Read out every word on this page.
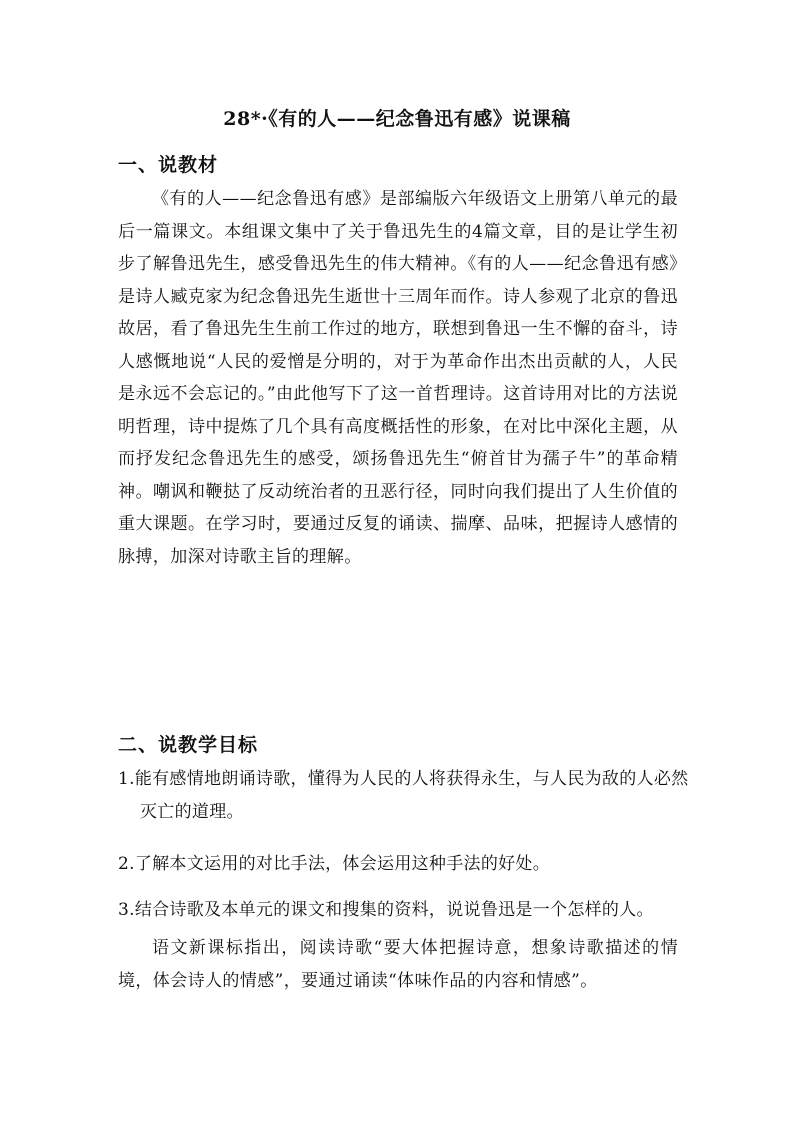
28*·《有的人——纪念鲁迅有感》说课稿
一、说教材

《有的人——纪念鲁迅有感》是部编版六年级语文上册第八单元的最后一篇课文。本组课文集中了关于鲁迅先生的4篇文章，目的是让学生初步了解鲁迅先生，感受鲁迅先生的伟大精神。《有的人——纪念鲁迅有感》是诗人臧克家为纪念鲁迅先生逝世十三周年而作。诗人参观了北京的鲁迅故居，看了鲁迅先生生前工作过的地方，联想到鲁迅一生不懈的奋斗，诗人感慨地说“人民的爱憎是分明的，对于为革命作出杰出贡献的人，人民是永远不会忘记的。”由此他写下了这一首哲理诗。这首诗用对比的方法说明哲理，诗中提炼了几个具有高度概括性的形象，在对比中深化主题，从而抒发纪念鲁迅先生的感受，颂扬鲁迅先生“俯首甘为孺子牛”的革命精神。嘲讽和鞭挞了反动统治者的丑恶行径，同时向我们提出了人生价值的重大课题。在学习时，要通过反复的诵读、揣摩、品味，把握诗人感情的脉搏，加深对诗歌主旨的理解。

二、说教学目标

1.能有感情地朗诵诗歌，懂得为人民的人将获得永生，与人民为敌的人必然灭亡的道理。

2.了解本文运用的对比手法，体会运用这种手法的好处。

3.结合诗歌及本单元的课文和搜集的资料，说说鲁迅是一个怎样的人。

语文新课标指出，阅读诗歌“要大体把握诗意，想象诗歌描述的情境，体会诗人的情感”，要通过诵读“体味作品的内容和情感”。
